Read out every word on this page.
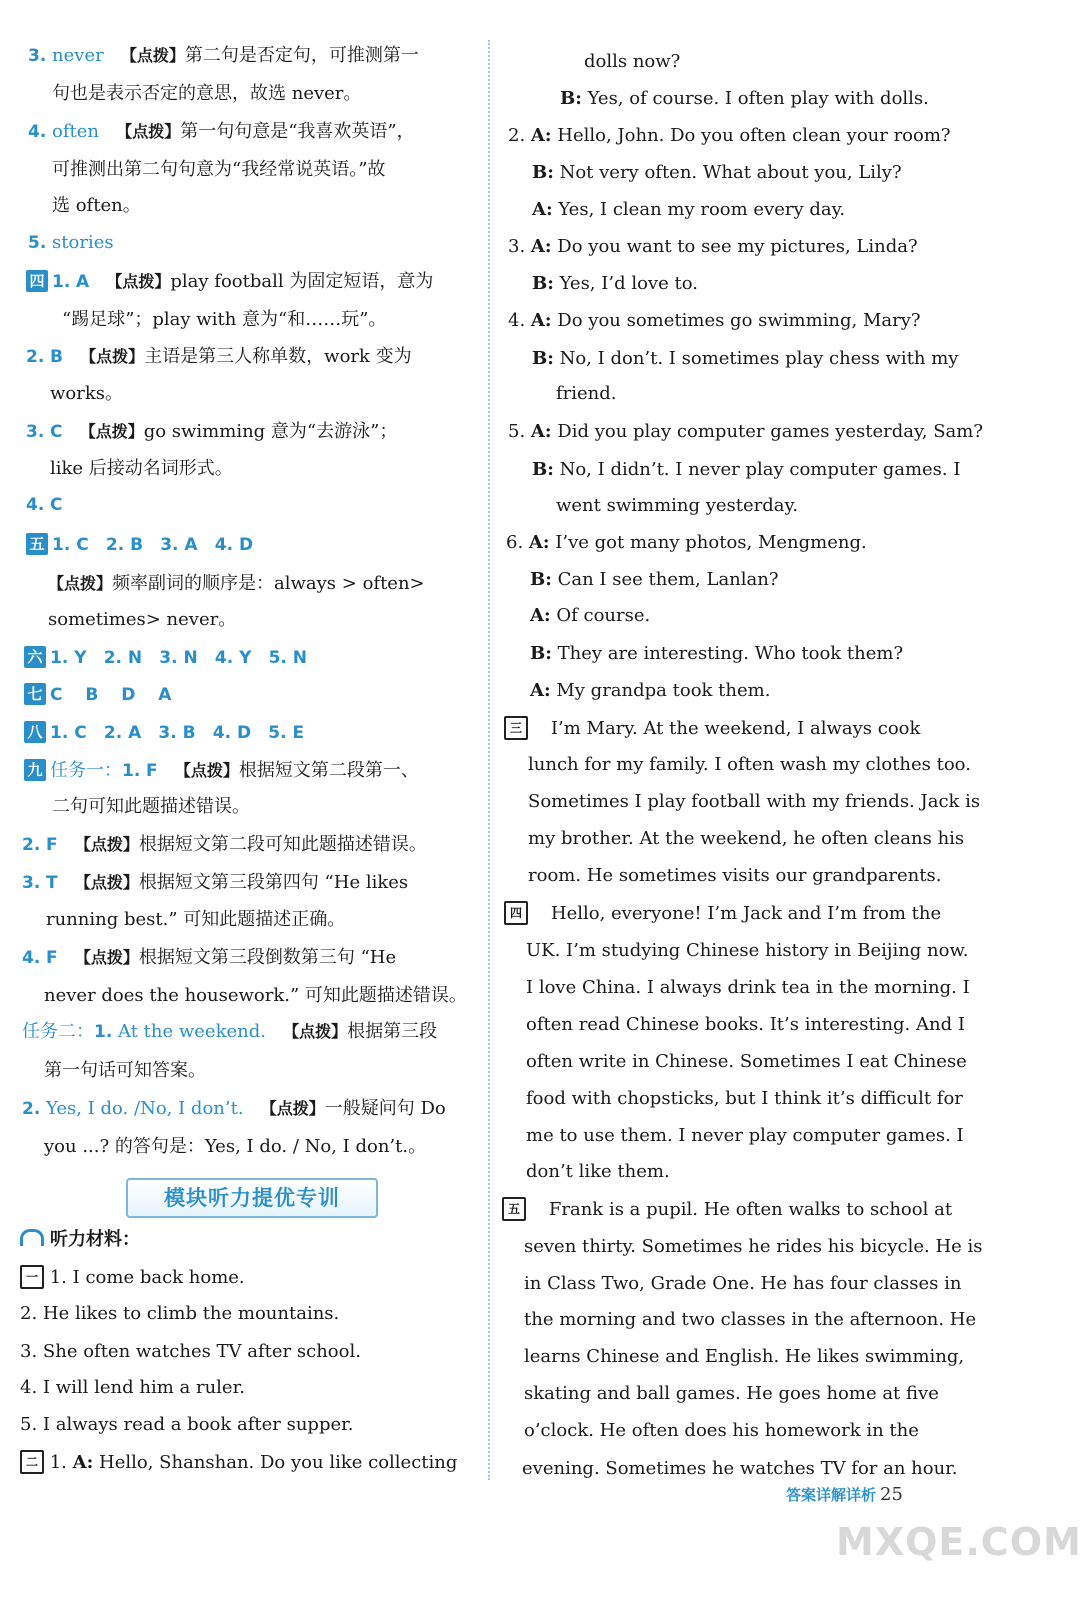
3. never 【点拨】第二句是否定句，可推测第一
句也是表示否定的意思，故选 never。
4. often 【点拨】第一句句意是“我喜欢英语”，
可推测出第二句句意为“我经常说英语。”故
选 often。
5. stories
四 1. A 【点拨】play football 为固定短语，意为
“踢足球”；play with 意为“和……玩”。
2. B 【点拨】主语是第三人称单数，work 变为
works。
3. C 【点拨】go swimming 意为“去游泳”；
like 后接动名词形式。
4. C
五 1. C 2. B 3. A 4. D
【点拨】频率副词的顺序是：always > often>
sometimes> never。
六 1. Y 2. N 3. N 4. Y 5. N
七 C B D A
八 1. C 2. A 3. B 4. D 5. E
九 任务一：1. F 【点拨】根据短文第二段第一、
二句可知此题描述错误。
2. F 【点拨】根据短文第二段可知此题描述错误。
3. T 【点拨】根据短文第三段第四句 “He likes
running best.” 可知此题描述正确。
4. F 【点拨】根据短文第三段倒数第三句 “He
never does the housework.” 可知此题描述错误。
任务二：1. At the weekend. 【点拨】根据第三段
第一句话可知答案。
2. Yes, I do. /No, I don’t. 【点拨】一般疑问句 Do
you ...? 的答句是：Yes, I do. / No, I don’t.。
模块听力提优专训
听力材料：
一 1. I come back home.
2. He likes to climb the mountains.
3. She often watches TV after school.
4. I will lend him a ruler.
5. I always read a book after supper.
二 1. A: Hello, Shanshan. Do you like collecting
dolls now?
B: Yes, of course. I often play with dolls.
2. A: Hello, John. Do you often clean your room?
B: Not very often. What about you, Lily?
A: Yes, I clean my room every day.
3. A: Do you want to see my pictures, Linda?
B: Yes, I’d love to.
4. A: Do you sometimes go swimming, Mary?
B: No, I don’t. I sometimes play chess with my
friend.
5. A: Did you play computer games yesterday, Sam?
B: No, I didn’t. I never play computer games. I
went swimming yesterday.
6. A: I’ve got many photos, Mengmeng.
B: Can I see them, Lanlan?
A: Of course.
B: They are interesting. Who took them?
A: My grandpa took them.
三 I’m Mary. At the weekend, I always cook
lunch for my family. I often wash my clothes too.
Sometimes I play football with my friends. Jack is
my brother. At the weekend, he often cleans his
room. He sometimes visits our grandparents.
四 Hello, everyone! I’m Jack and I’m from the
UK. I’m studying Chinese history in Beijing now.
I love China. I always drink tea in the morning. I
often read Chinese books. It’s interesting. And I
often write in Chinese. Sometimes I eat Chinese
food with chopsticks, but I think it’s difficult for
me to use them. I never play computer games. I
don’t like them.
五 Frank is a pupil. He often walks to school at
seven thirty. Sometimes he rides his bicycle. He is
in Class Two, Grade One. He has four classes in
the morning and two classes in the afternoon. He
learns Chinese and English. He likes swimming,
skating and ball games. He goes home at five
o’clock. He often does his homework in the
evening. Sometimes he watches TV for an hour.
答案详解详析 25
MXQE.COM
